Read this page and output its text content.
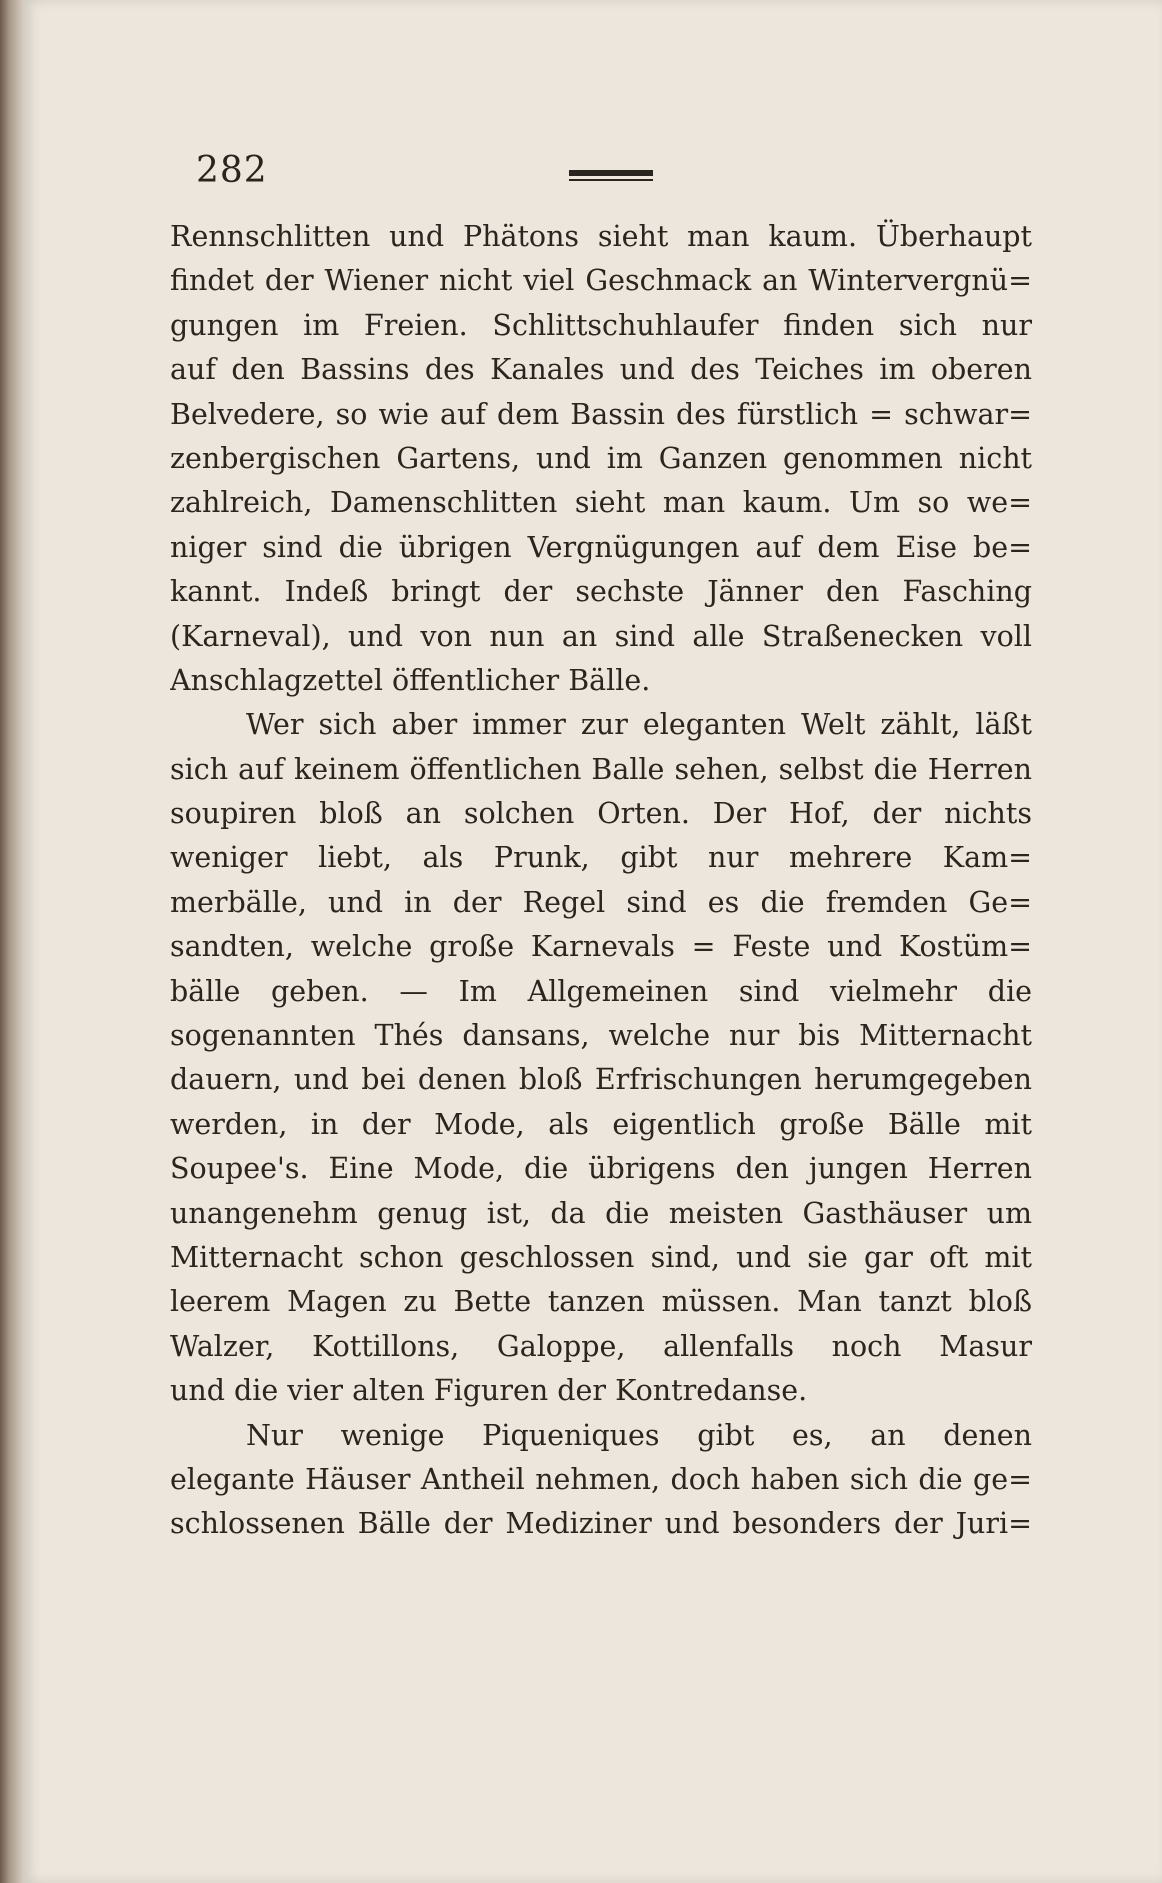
282
Rennschlitten und Phätons sieht man kaum. Überhaupt
findet der Wiener nicht viel Geschmack an Wintervergnü=
gungen im Freien. Schlittschuhlaufer finden sich nur
auf den Bassins des Kanales und des Teiches im oberen
Belvedere, so wie auf dem Bassin des fürstlich = schwar=
zenbergischen Gartens, und im Ganzen genommen nicht
zahlreich, Damenschlitten sieht man kaum. Um so we=
niger sind die übrigen Vergnügungen auf dem Eise be=
kannt. Indeß bringt der sechste Jänner den Fasching
(Karneval), und von nun an sind alle Straßenecken voll
Anschlagzettel öffentlicher Bälle.
Wer sich aber immer zur eleganten Welt zählt, läßt
sich auf keinem öffentlichen Balle sehen, selbst die Herren
soupiren bloß an solchen Orten. Der Hof, der nichts
weniger liebt, als Prunk, gibt nur mehrere Kam=
merbälle, und in der Regel sind es die fremden Ge=
sandten, welche große Karnevals = Feste und Kostüm=
bälle geben. — Im Allgemeinen sind vielmehr die
sogenannten Thés dansans, welche nur bis Mitternacht
dauern, und bei denen bloß Erfrischungen herumgegeben
werden, in der Mode, als eigentlich große Bälle mit
Soupee's. Eine Mode, die übrigens den jungen Herren
unangenehm genug ist, da die meisten Gasthäuser um
Mitternacht schon geschlossen sind, und sie gar oft mit
leerem Magen zu Bette tanzen müssen. Man tanzt bloß
Walzer, Kottillons, Galoppe, allenfalls noch Masur
und die vier alten Figuren der Kontredanse.
Nur wenige Piqueniques gibt es, an denen
elegante Häuser Antheil nehmen, doch haben sich die ge=
schlossenen Bälle der Mediziner und besonders der Juri=
